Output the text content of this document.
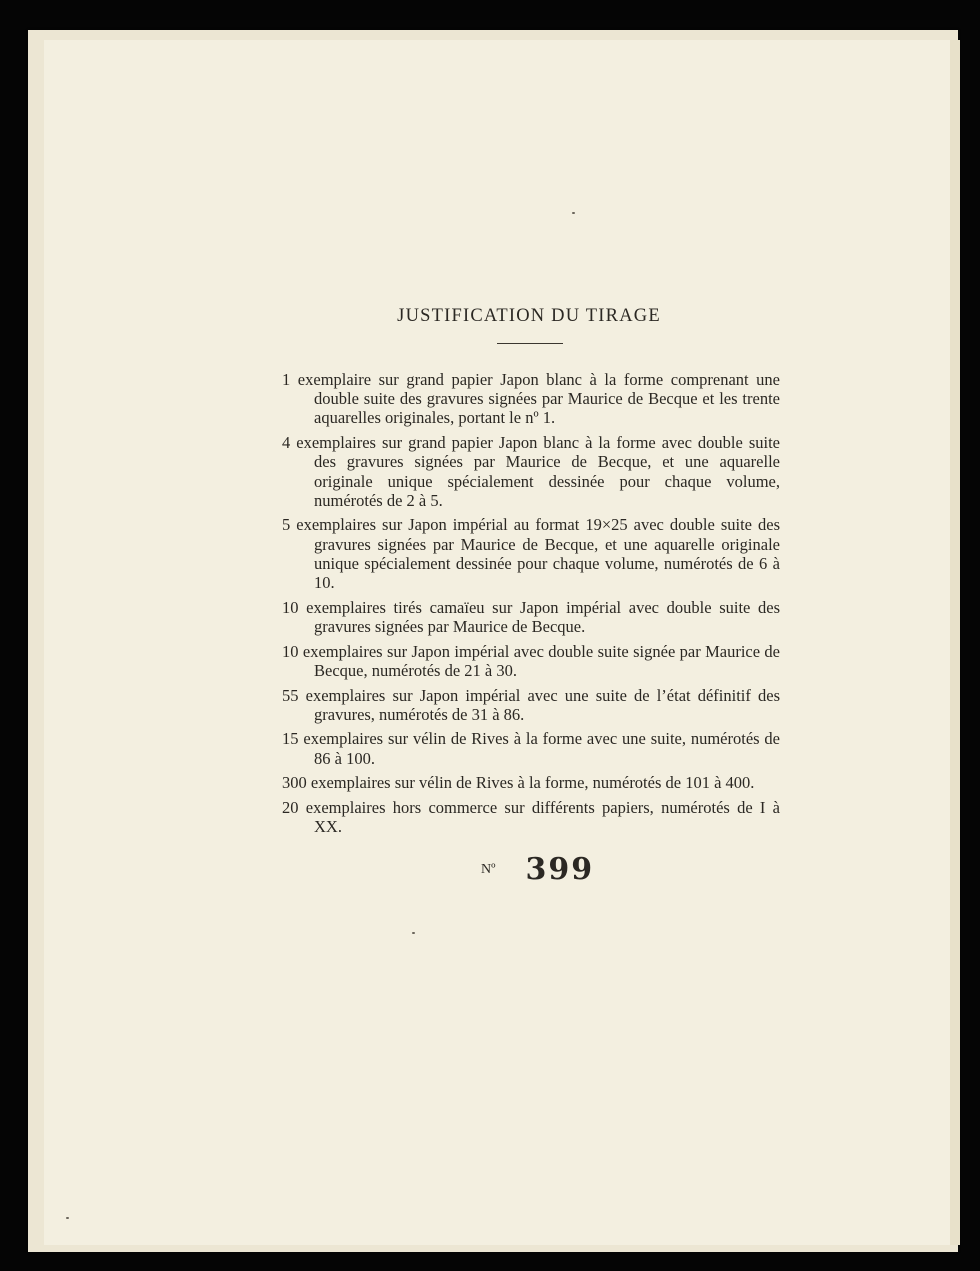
JUSTIFICATION DU TIRAGE

1 exemplaire sur grand papier Japon blanc à la forme comprenant une double suite des gravures signées par Maurice de Becque et les trente aquarelles originales, portant le nº 1.

4 exemplaires sur grand papier Japon blanc à la forme avec double suite des gravures signées par Maurice de Becque, et une aquarelle originale unique spécialement dessinée pour chaque volume, numérotés de 2 à 5.

5 exemplaires sur Japon impérial au format 19×25 avec double suite des gravures signées par Maurice de Becque, et une aquarelle originale unique spécialement dessinée pour chaque volume, numérotés de 6 à 10.

10 exemplaires tirés camaïeu sur Japon impérial avec double suite des gravures signées par Maurice de Becque.

10 exemplaires sur Japon impérial avec double suite signée par Maurice de Becque, numérotés de 21 à 30.

55 exemplaires sur Japon impérial avec une suite de l’état définitif des gravures, numérotés de 31 à 86.

15 exemplaires sur vélin de Rives à la forme avec une suite, numérotés de 86 à 100.

300 exemplaires sur vélin de Rives à la forme, numérotés de 101 à 400.

20 exemplaires hors commerce sur différents papiers, numérotés de I à XX.

Nº 399
